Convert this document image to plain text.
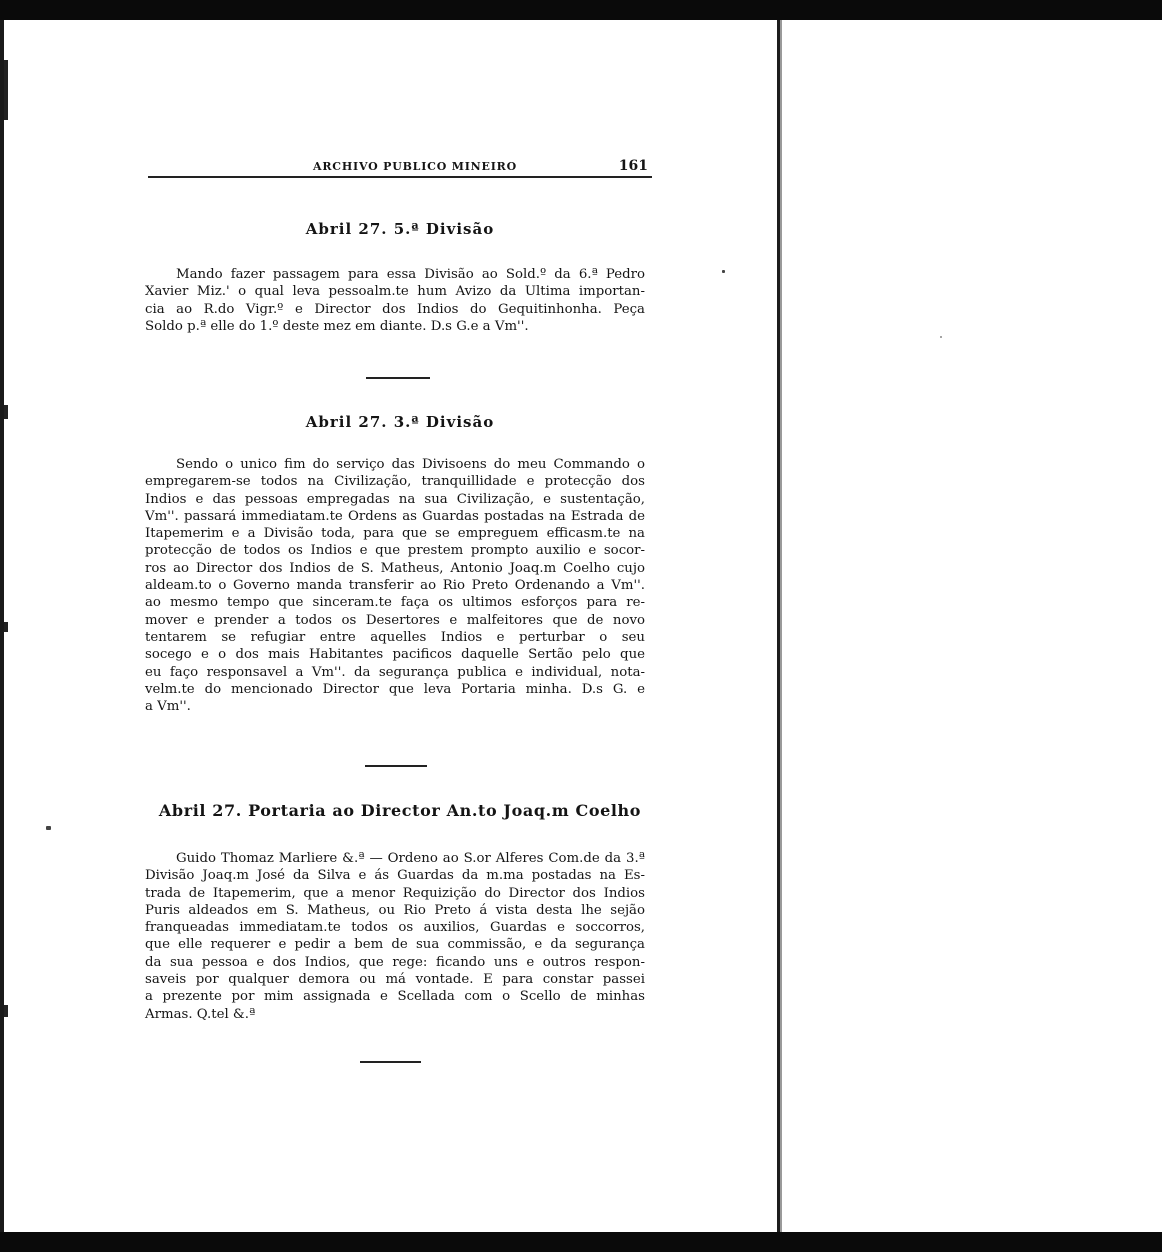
ARCHIVO PUBLICO MINEIRO	161
Abril 27. 5.ª Divisão
Mando fazer passagem para essa Divisão ao Sold.º da 6.ª Pedro
Xavier Miz.' o qual leva pessoalm.te hum Avizo da Ultima importan-
cia ao R.do Vigr.º e Director dos Indios do Gequitinhonha. Peça
Soldo p.ª elle do 1.º deste mez em diante. D.s G.e a Vm''.
Abril 27. 3.ª Divisão
Sendo o unico fim do serviço das Divisoens do meu Commando o
empregarem-se todos na Civilização, tranquillidade e protecção dos
Indios e das pessoas empregadas na sua Civilização, e sustentação,
Vm''. passará immediatam.te Ordens as Guardas postadas na Estrada de
Itapemerim e a Divisão toda, para que se empreguem efficasm.te na
protecção de todos os Indios e que prestem prompto auxilio e socor-
ros ao Director dos Indios de S. Matheus, Antonio Joaq.m Coelho cujo
aldeam.to o Governo manda transferir ao Rio Preto Ordenando a Vm''.
ao mesmo tempo que sinceram.te faça os ultimos esforços para re-
mover e prender a todos os Desertores e malfeitores que de novo
tentarem se refugiar entre aquelles Indios e perturbar o seu
socego e o dos mais Habitantes pacificos daquelle Sertão pelo que
eu faço responsavel a Vm''. da segurança publica e individual, nota-
velm.te do mencionado Director que leva Portaria minha. D.s G. e
a Vm''.
Abril 27. Portaria ao Director An.to Joaq.m Coelho
Guido Thomaz Marliere &.ª — Ordeno ao S.or Alferes Com.de da 3.ª
Divisão Joaq.m José da Silva e ás Guardas da m.ma postadas na Es-
trada de Itapemerim, que a menor Requizição do Director dos Indios
Puris aldeados em S. Matheus, ou Rio Preto á vista desta lhe sejão
franqueadas immediatam.te todos os auxilios, Guardas e soccorros,
que elle requerer e pedir a bem de sua commissão, e da segurança
da sua pessoa e dos Indios, que rege: ficando uns e outros respon-
saveis por qualquer demora ou má vontade. E para constar passei
a prezente por mim assignada e Scellada com o Scello de minhas
Armas. Q.tel &.ª
